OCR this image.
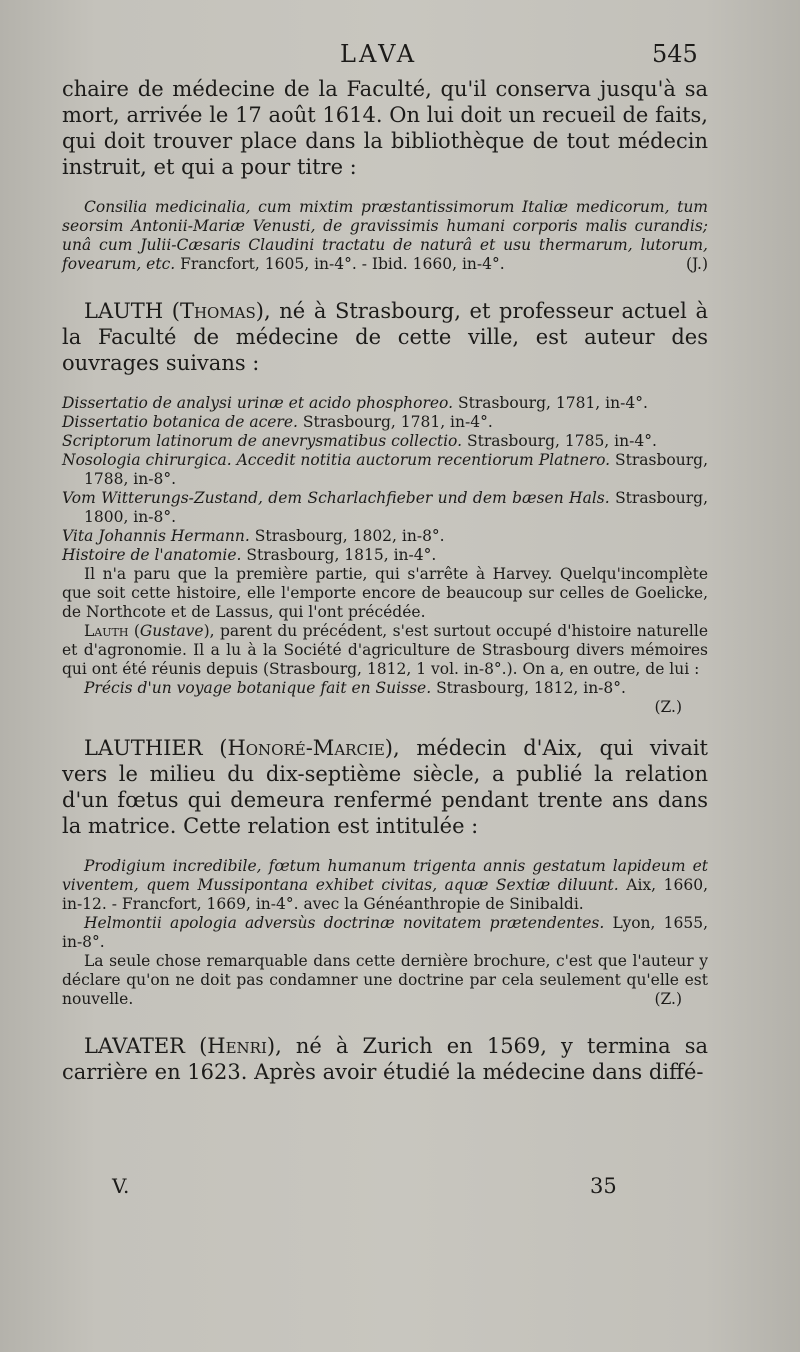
LAVA	545

chaire de médecine de la Faculté, qu'il conserva jusqu'à sa mort, arrivée le 17 août 1614. On lui doit un recueil de faits, qui doit trouver place dans la bibliothèque de tout médecin instruit, et qui a pour titre :

Consilia medicinalia, cum mixtim præstantissimorum Italiæ medicorum, tum seorsim Antonii-Mariæ Venusti, de gravissimis humani corporis malis curandis; unâ cum Julii-Cæsaris Claudini tractatu de naturâ et usu thermarum, lutorum, fovearum, etc. Francfort, 1605, in-4°. - Ibid. 1660, in-4°.	(J.)

LAUTH (Thomas), né à Strasbourg, et professeur actuel à la Faculté de médecine de cette ville, est auteur des ouvrages suivans :

Dissertatio de analysi urinæ et acido phosphoreo. Strasbourg, 1781, in-4°.

Dissertatio botanica de acere. Strasbourg, 1781, in-4°.

Scriptorum latinorum de anevrysmatibus collectio. Strasbourg, 1785, in-4°.

Nosologia chirurgica. Accedit notitia auctorum recentiorum Platnero. Strasbourg, 1788, in-8°.

Vom Witterungs-Zustand, dem Scharlachfieber und dem bæsen Hals. Strasbourg, 1800, in-8°.

Vita Johannis Hermann. Strasbourg, 1802, in-8°.

Histoire de l'anatomie. Strasbourg, 1815, in-4°.

Il n'a paru que la première partie, qui s'arrête à Harvey. Quelqu'incomplète que soit cette histoire, elle l'emporte encore de beaucoup sur celles de Goelicke, de Northcote et de Lassus, qui l'ont précédée.

Lauth (Gustave), parent du précédent, s'est surtout occupé d'histoire naturelle et d'agronomie. Il a lu à la Société d'agriculture de Strasbourg divers mémoires qui ont été réunis depuis (Strasbourg, 1812, 1 vol. in-8°.). On a, en outre, de lui :

Précis d'un voyage botanique fait en Suisse. Strasbourg, 1812, in-8°.

(Z.)

LAUTHIER (Honoré-Marcie), médecin d'Aix, qui vivait vers le milieu du dix-septième siècle, a publié la relation d'un fœtus qui demeura renfermé pendant trente ans dans la matrice. Cette relation est intitulée :

Prodigium incredibile, fœtum humanum trigenta annis gestatum lapideum et viventem, quem Mussipontana exhibet civitas, aquæ Sextiæ diluunt. Aix, 1660, in-12. - Francfort, 1669, in-4°. avec la Généanthropie de Sinibaldi.

Helmontii apologia adversùs doctrinæ novitatem prætendentes. Lyon, 1655, in-8°.

La seule chose remarquable dans cette dernière brochure, c'est que l'auteur y déclare qu'on ne doit pas condamner une doctrine par cela seulement qu'elle est nouvelle.	(Z.)

LAVATER (Henri), né à Zurich en 1569, y termina sa carrière en 1623. Après avoir étudié la médecine dans diffé-

V.	35
